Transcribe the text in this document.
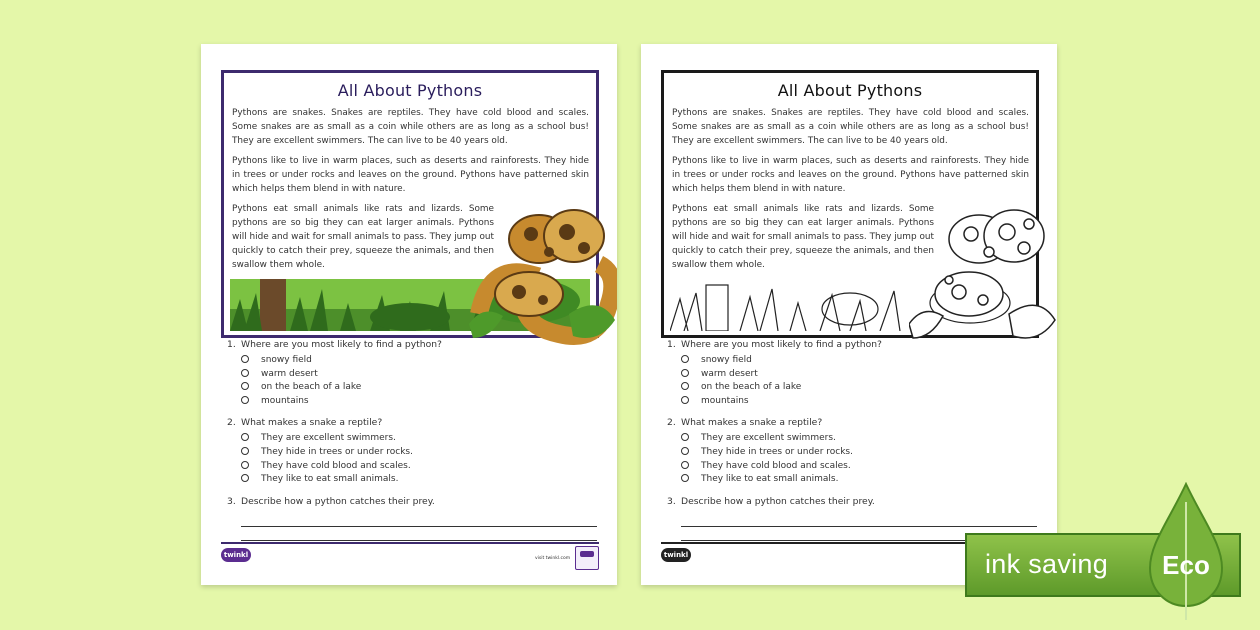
All About Pythons

Pythons are snakes. Snakes are reptiles. They have cold blood and scales. Some snakes are as small as a coin while others are as long as a school bus! They are excellent swimmers. The can live to be 40 years old.

Pythons like to live in warm places, such as deserts and rainforests. They hide in trees or under rocks and leaves on the ground. Pythons have patterned skin which helps them blend in with nature.

Pythons eat small animals like rats and lizards. Some pythons are so big they can eat larger animals. Pythons will hide and wait for small animals to pass. They jump out quickly to catch their prey, squeeze the animals, and then swallow them whole.

1. Where are you most likely to find a python?
snowy field
warm desert
on the beach of a lake
mountains
2. What makes a snake a reptile?
They are excellent swimmers.
They hide in trees or under rocks.
They have cold blood and scales.
They like to eat small animals.
3. Describe how a python catches their prey.
twinkl	visit twinkl.com
All About Pythons

Pythons are snakes. Snakes are reptiles. They have cold blood and scales. Some snakes are as small as a coin while others are as long as a school bus! They are excellent swimmers. The can live to be 40 years old.

Pythons like to live in warm places, such as deserts and rainforests. They hide in trees or under rocks and leaves on the ground. Pythons have patterned skin which helps them blend in with nature.

Pythons eat small animals like rats and lizards. Some pythons are so big they can eat larger animals. Pythons will hide and wait for small animals to pass. They jump out quickly to catch their prey, squeeze the animals, and then swallow them whole.

1. Where are you most likely to find a python?
snowy field
warm desert
on the beach of a lake
mountains
2. What makes a snake a reptile?
They are excellent swimmers.
They hide in trees or under rocks.
They have cold blood and scales.
They like to eat small animals.
3. Describe how a python catches their prey.
twinkl	ink saving Eco
